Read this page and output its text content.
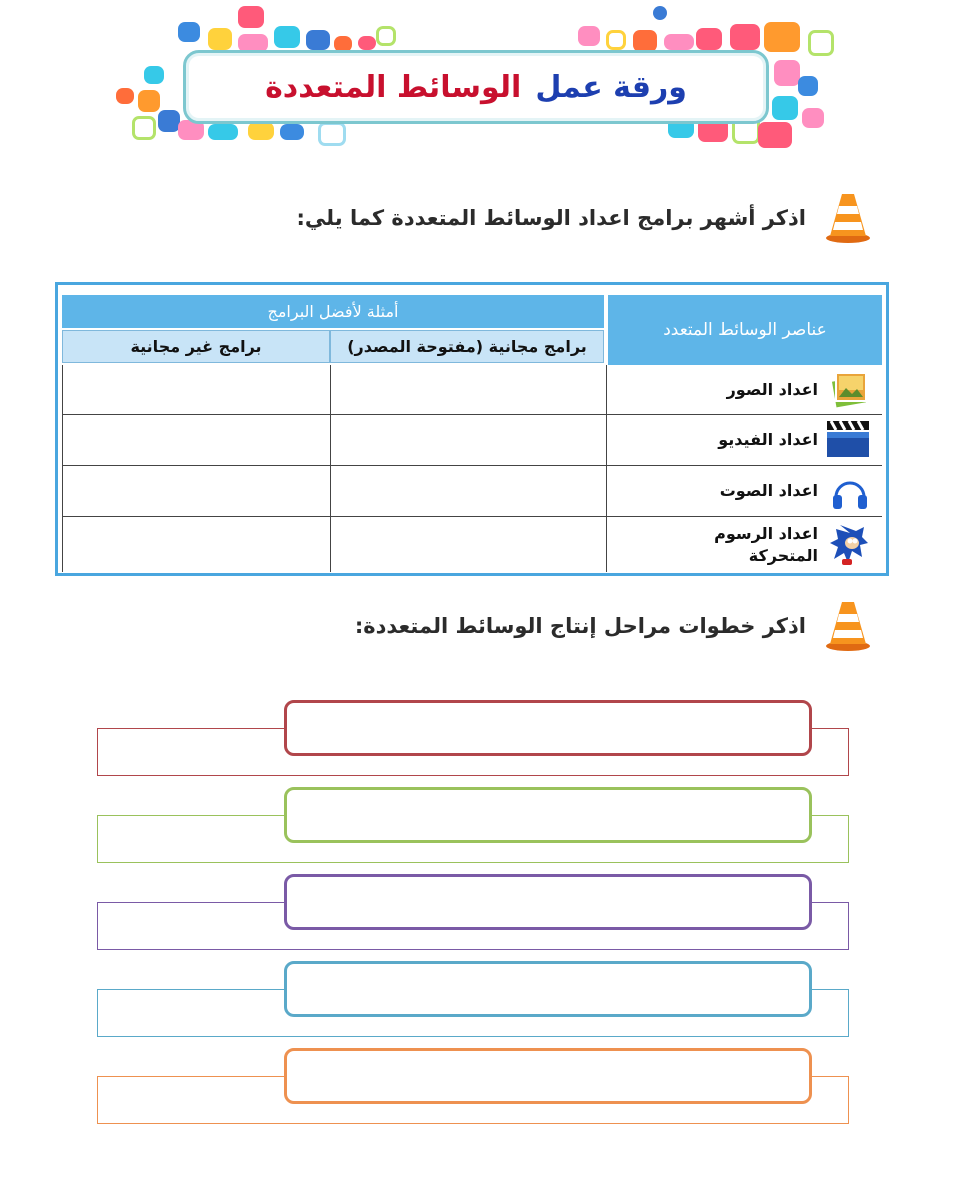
ورقة عمل
الوسائط المتعددة
اذكر أشهر برامج اعداد الوسائط المتعددة كما يلي:
عناصر الوسائط المتعدد
أمثلة لأفضل البرامج
برامج مجانية (مفتوحة المصدر)
برامج غير مجانية
اعداد الصور
اعداد الفيديو
اعداد الصوت
اعداد الرسوم المتحركة
اذكر خطوات مراحل إنتاج الوسائط المتعددة:
